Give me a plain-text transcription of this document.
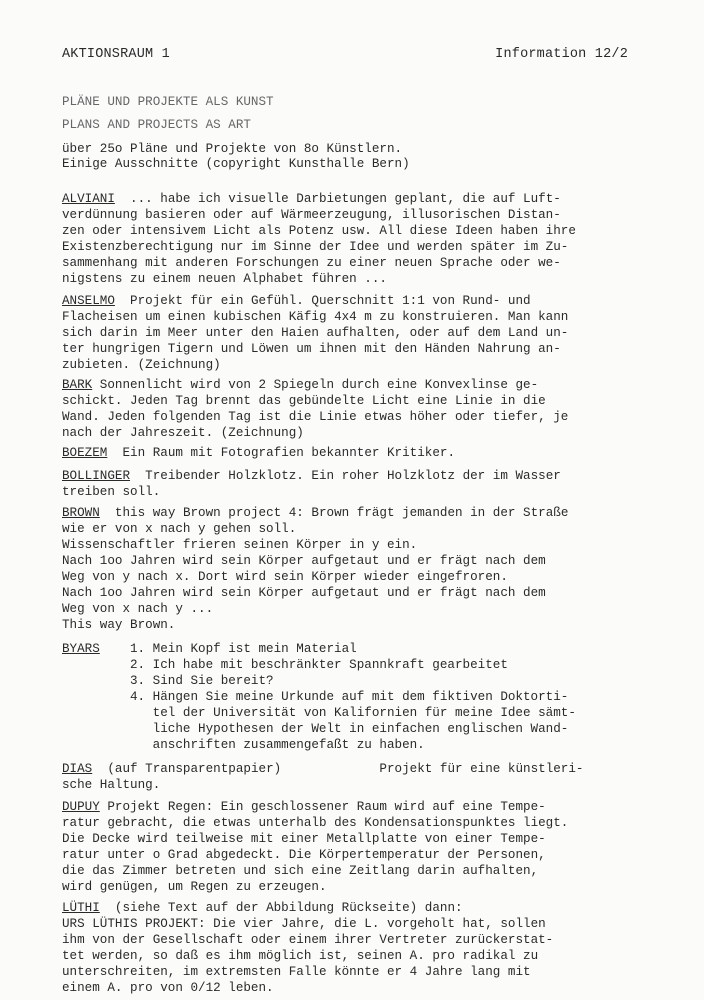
AKTIONSRAUM 1	Information 12/2
PLÄNE UND PROJEKTE ALS KUNST
PLANS AND PROJECTS AS ART
über 25o Pläne und Projekte von 8o Künstlern.
Einige Ausschnitte (copyright Kunsthalle Bern)
ALVIANI ... habe ich visuelle Darbietungen geplant, die auf Luft-
verdünnung basieren oder auf Wärmeerzeugung, illusorischen Distan-
zen oder intensivem Licht als Potenz usw. All diese Ideen haben ihre
Existenzberechtigung nur im Sinne der Idee und werden später im Zu-
sammenhang mit anderen Forschungen zu einer neuen Sprache oder we-
nigstens zu einem neuen Alphabet führen ...
ANSELMO Projekt für ein Gefühl. Querschnitt 1:1 von Rund- und
Flacheisen um einen kubischen Käfig 4x4 m zu konstruieren. Man kann
sich darin im Meer unter den Haien aufhalten, oder auf dem Land un-
ter hungrigen Tigern und Löwen um ihnen mit den Händen Nahrung an-
zubieten. (Zeichnung)
BARK Sonnenlicht wird von 2 Spiegeln durch eine Konvexlinse ge-
schickt. Jeden Tag brennt das gebündelte Licht eine Linie in die
Wand. Jeden folgenden Tag ist die Linie etwas höher oder tiefer, je
nach der Jahreszeit. (Zeichnung)
BOEZEM Ein Raum mit Fotografien bekannter Kritiker.
BOLLINGER Treibender Holzklotz. Ein roher Holzklotz der im Wasser
treiben soll.
BROWN this way Brown project 4: Brown frägt jemanden in der Straße
wie er von x nach y gehen soll.
Wissenschaftler frieren seinen Körper in y ein.
Nach 1oo Jahren wird sein Körper aufgetaut und er frägt nach dem
Weg von y nach x. Dort wird sein Körper wieder eingefroren.
Nach 1oo Jahren wird sein Körper aufgetaut und er frägt nach dem
Weg von x nach y ...
This way Brown.
BYARS 1. Mein Kopf ist mein Material
2. Ich habe mit beschränkter Spannkraft gearbeitet
3. Sind Sie bereit?
4. Hängen Sie meine Urkunde auf mit dem fiktiven Doktorti-
tel der Universität von Kalifornien für meine Idee sämt-
liche Hypothesen der Welt in einfachen englischen Wand-
anschriften zusammengefaßt zu haben.
DIAS (auf Transparentpapier)             Projekt für eine künstleri-
sche Haltung.
DUPUY Projekt Regen: Ein geschlossener Raum wird auf eine Tempe-
ratur gebracht, die etwas unterhalb des Kondensationspunktes liegt.
Die Decke wird teilweise mit einer Metallplatte von einer Tempe-
ratur unter o Grad abgedeckt. Die Körpertemperatur der Personen,
die das Zimmer betreten und sich eine Zeitlang darin aufhalten,
wird genügen, um Regen zu erzeugen.
LÜTHI (siehe Text auf der Abbildung Rückseite) dann:
URS LÜTHIS PROJEKT: Die vier Jahre, die L. vorgeholt hat, sollen
ihm von der Gesellschaft oder einem ihrer Vertreter zurückerstat-
tet werden, so daß es ihm möglich ist, seinen A. pro radikal zu
unterschreiten, im extremsten Falle könnte er 4 Jahre lang mit
einem A. pro von 0/12 leben.
